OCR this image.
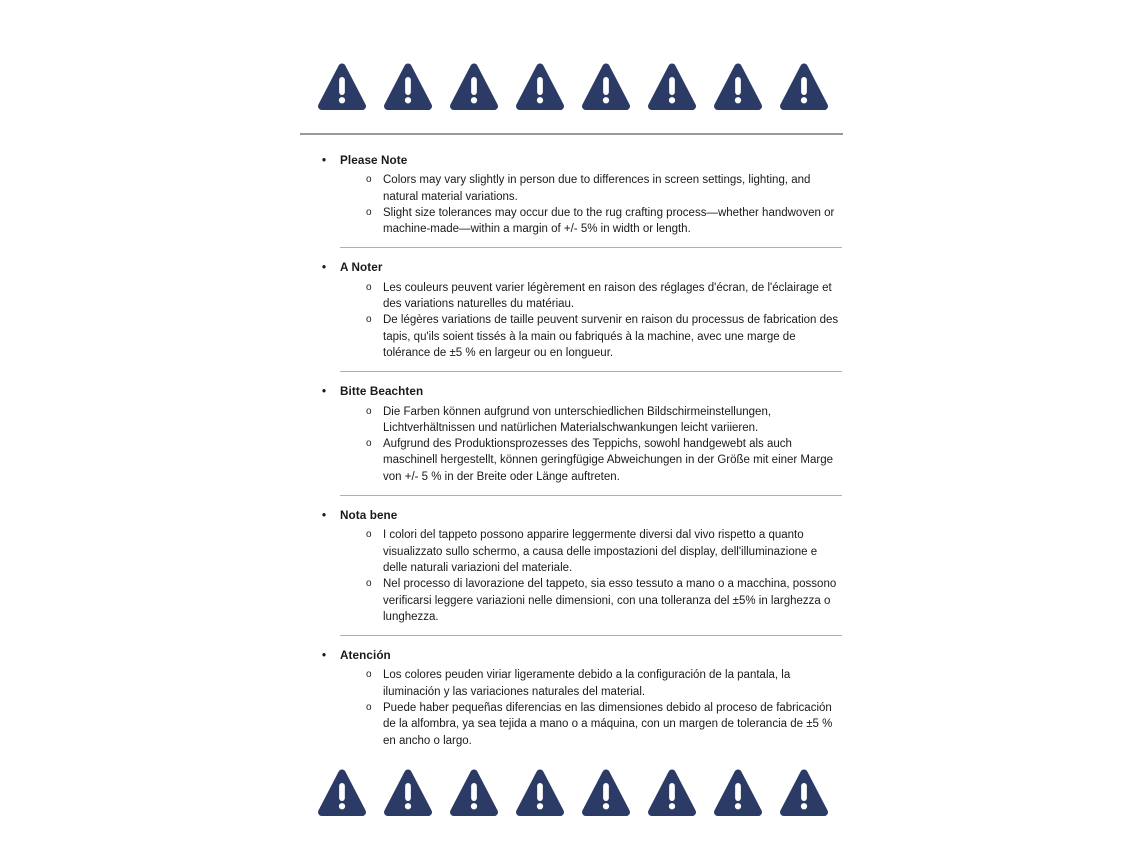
•	Please Note
o Colors may vary slightly in person due to differences in screen settings, lighting, and natural material variations.
o Slight size tolerances may occur due to the rug crafting process—whether handwoven or machine-made—within a margin of +/- 5% in width or length.
•	A Noter
o Les couleurs peuvent varier légèrement en raison des réglages d'écran, de l'éclairage et des variations naturelles du matériau.
o De légères variations de taille peuvent survenir en raison du processus de fabrication des tapis, qu'ils soient tissés à la main ou fabriqués à la machine, avec une marge de tolérance de ±5 % en largeur ou en longueur.
•	Bitte Beachten
o Die Farben können aufgrund von unterschiedlichen Bildschirmeinstellungen, Lichtverhältnissen und natürlichen Materialschwankungen leicht variieren.
o Aufgrund des Produktionsprozesses des Teppichs, sowohl handgewebt als auch maschinell hergestellt, können geringfügige Abweichungen in der Größe mit einer Marge von +/- 5 % in der Breite oder Länge auftreten.
•	Nota bene
o I colori del tappeto possono apparire leggermente diversi dal vivo rispetto a quanto visualizzato sullo schermo, a causa delle impostazioni del display, dell'illuminazione e delle naturali variazioni del materiale.
o Nel processo di lavorazione del tappeto, sia esso tessuto a mano o a macchina, possono verificarsi leggere variazioni nelle dimensioni, con una tolleranza del ±5% in larghezza o lunghezza.
•	Atención
o Los colores peuden viriar ligeramente debido a la configuración de la pantala, la iluminación y las variaciones naturales del material.
o Puede haber pequeñas diferencias en las dimensiones debido al proceso de fabricación de la alfombra, ya sea tejida a mano o a máquina, con un margen de tolerancia de ±5 % en ancho o largo.
